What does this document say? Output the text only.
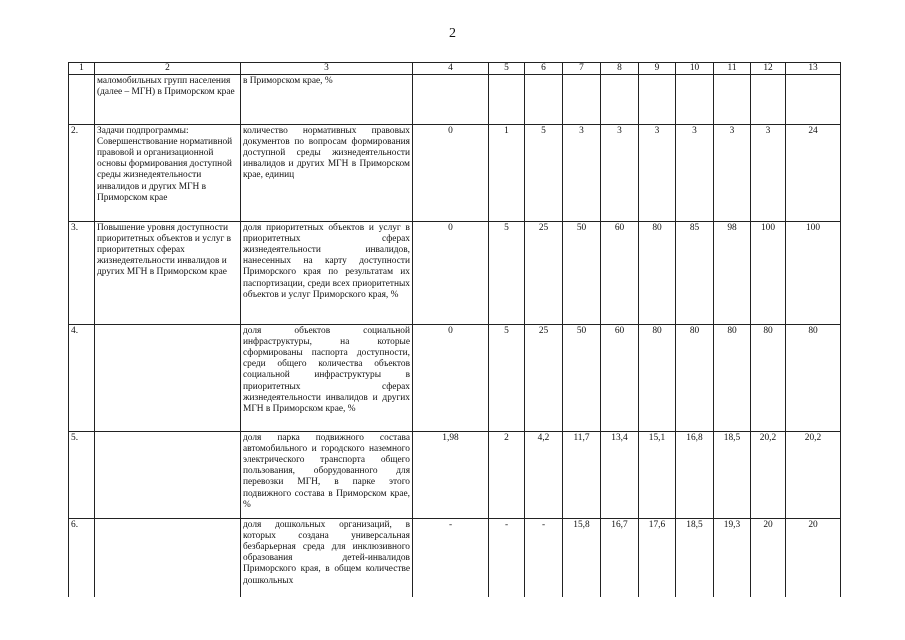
2
1	2	3	4	5	6	7	8	9	10	11	12	13
	маломобильных групп населения (далее – МГН) в Приморском крае	в Приморском крае, %										
2.	Задачи подпрограммы: Совершенствование нормативной правовой и организационной основы формирования доступной среды жизнедеятельности инвалидов и других МГН в Приморском крае	количество нормативных правовых документов по вопросам формирования доступной среды жизнедеятельности инвалидов и других МГН в Приморском крае, единиц	0	1	5	3	3	3	3	3	3	24
3.	Повышение уровня доступности приоритетных объектов и услуг в приоритетных сферах жизнедеятельности инвалидов и других МГН в Приморском крае	доля приоритетных объектов и услуг в приоритетных сферах жизнедеятельности инвалидов, нанесенных на карту доступности Приморского края по результатам их паспортизации, среди всех приоритетных объектов и услуг Приморского края, %	0	5	25	50	60	80	85	98	100	100
4.		доля объектов социальной инфраструктуры, на которые сформированы паспорта доступности, среди общего количества объектов социальной инфраструктуры в приоритетных сферах жизнедеятельности инвалидов и других МГН в Приморском крае, %	0	5	25	50	60	80	80	80	80	80
5.		доля парка подвижного состава автомобильного и городского наземного электрического транспорта общего пользования, оборудованного для перевозки МГН, в парке этого подвижного состава в Приморском крае, %	1,98	2	4,2	11,7	13,4	15,1	16,8	18,5	20,2	20,2
6.		доля дошкольных организаций, в которых создана универсальная безбарьерная среда для инклюзивного образования детей-инвалидов Приморского края, в общем количестве дошкольных	-	-	-	15,8	16,7	17,6	18,5	19,3	20	20
